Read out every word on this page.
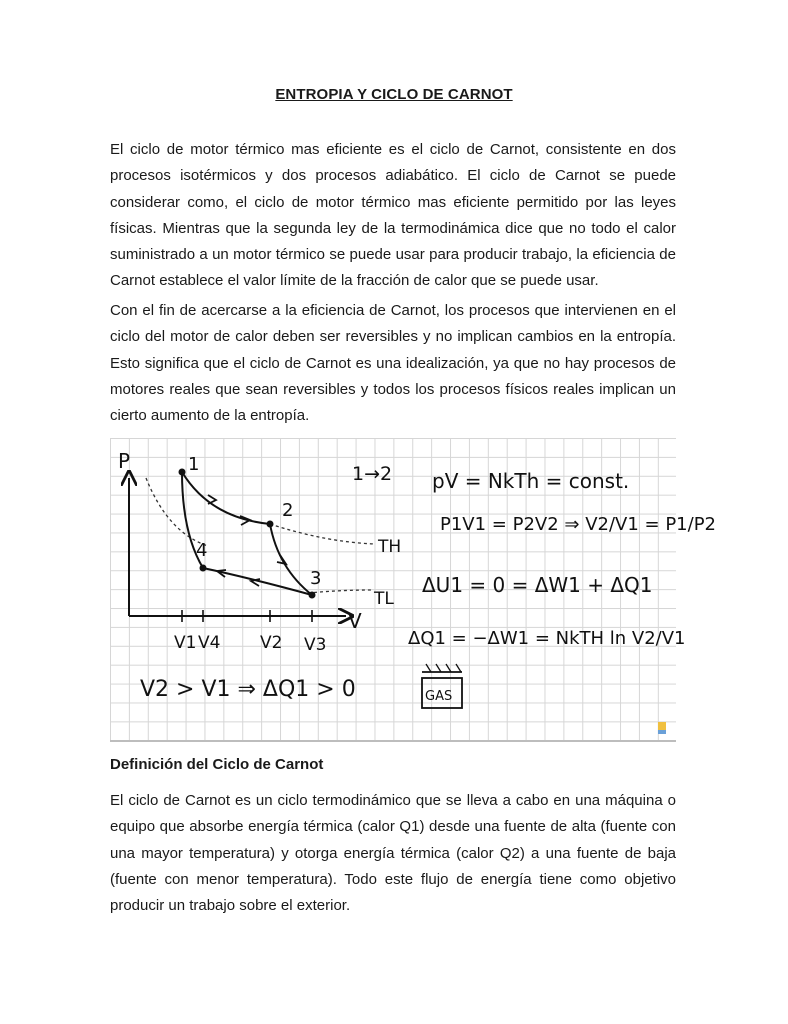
ENTROPIA Y CICLO DE CARNOT

El ciclo de motor térmico mas eficiente es el ciclo de Carnot, consistente en dos procesos isotérmicos y dos procesos adiabático. El ciclo de Carnot se puede considerar como, el ciclo de motor térmico mas eficiente permitido por las leyes físicas. Mientras que la segunda ley de la termodinámica dice que no todo el calor suministrado a un motor térmico se puede usar para producir trabajo, la eficiencia de Carnot establece el valor límite de la fracción de calor que se puede usar.

Con el fin de acercarse a la eficiencia de Carnot, los procesos que intervienen en el ciclo del motor de calor deben ser reversibles y no implican cambios en la entropía. Esto significa que el ciclo de Carnot es una idealización, ya que no hay procesos de motores reales que sean reversibles y todos los procesos físicos reales implican un cierto aumento de la entropía.

P
V
1
2
3
4	TH
TL
V1 V4 V2 V3
1→2 pV = NkTh = const.
P1V1 = P2V2 ⇒ V2/V1 = P1/P2
ΔU1 = 0 = ΔW1 + ΔQ1
ΔQ1 = −ΔW1 = NkTH ln V2/V1
V2 > V1 ⇒ ΔQ1 > 0	GAS

Definición del Ciclo de Carnot

El ciclo de Carnot es un ciclo termodinámico que se lleva a cabo en una máquina o equipo que absorbe energía térmica (calor Q1) desde una fuente de alta (fuente con una mayor temperatura) y otorga energía térmica (calor Q2) a una fuente de baja (fuente con menor temperatura). Todo este flujo de energía tiene como objetivo producir un trabajo sobre el exterior.
